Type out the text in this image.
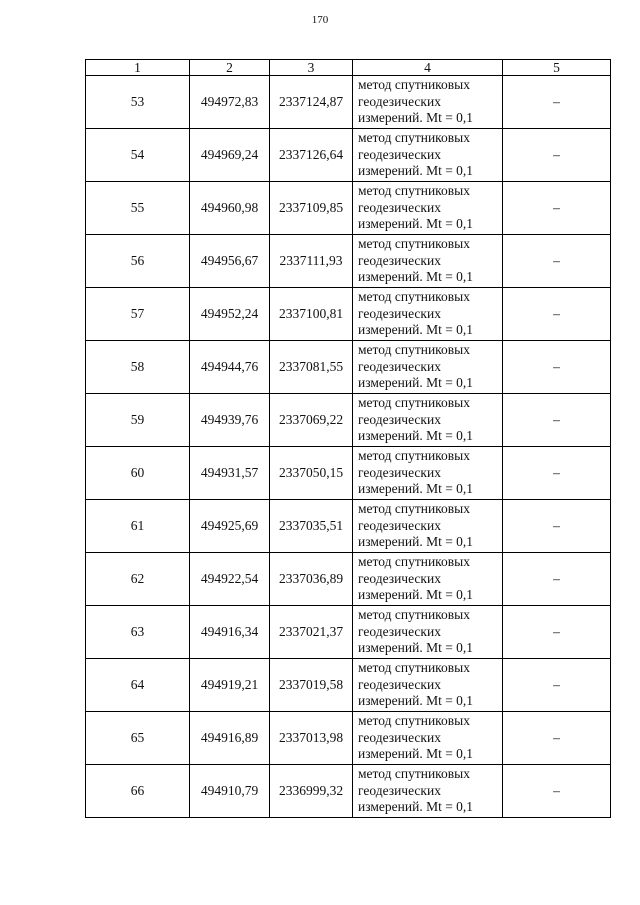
170
1	2	3	4	5
53	494972,83	2337124,87	метод спутниковых
геодезических
измерений. Mt = 0,1	–
54	494969,24	2337126,64	метод спутниковых
геодезических
измерений. Mt = 0,1	–
55	494960,98	2337109,85	метод спутниковых
геодезических
измерений. Mt = 0,1	–
56	494956,67	2337111,93	метод спутниковых
геодезических
измерений. Mt = 0,1	–
57	494952,24	2337100,81	метод спутниковых
геодезических
измерений. Mt = 0,1	–
58	494944,76	2337081,55	метод спутниковых
геодезических
измерений. Mt = 0,1	–
59	494939,76	2337069,22	метод спутниковых
геодезических
измерений. Mt = 0,1	–
60	494931,57	2337050,15	метод спутниковых
геодезических
измерений. Mt = 0,1	–
61	494925,69	2337035,51	метод спутниковых
геодезических
измерений. Mt = 0,1	–
62	494922,54	2337036,89	метод спутниковых
геодезических
измерений. Mt = 0,1	–
63	494916,34	2337021,37	метод спутниковых
геодезических
измерений. Mt = 0,1	–
64	494919,21	2337019,58	метод спутниковых
геодезических
измерений. Mt = 0,1	–
65	494916,89	2337013,98	метод спутниковых
геодезических
измерений. Mt = 0,1	–
66	494910,79	2336999,32	метод спутниковых
геодезических
измерений. Mt = 0,1	–
